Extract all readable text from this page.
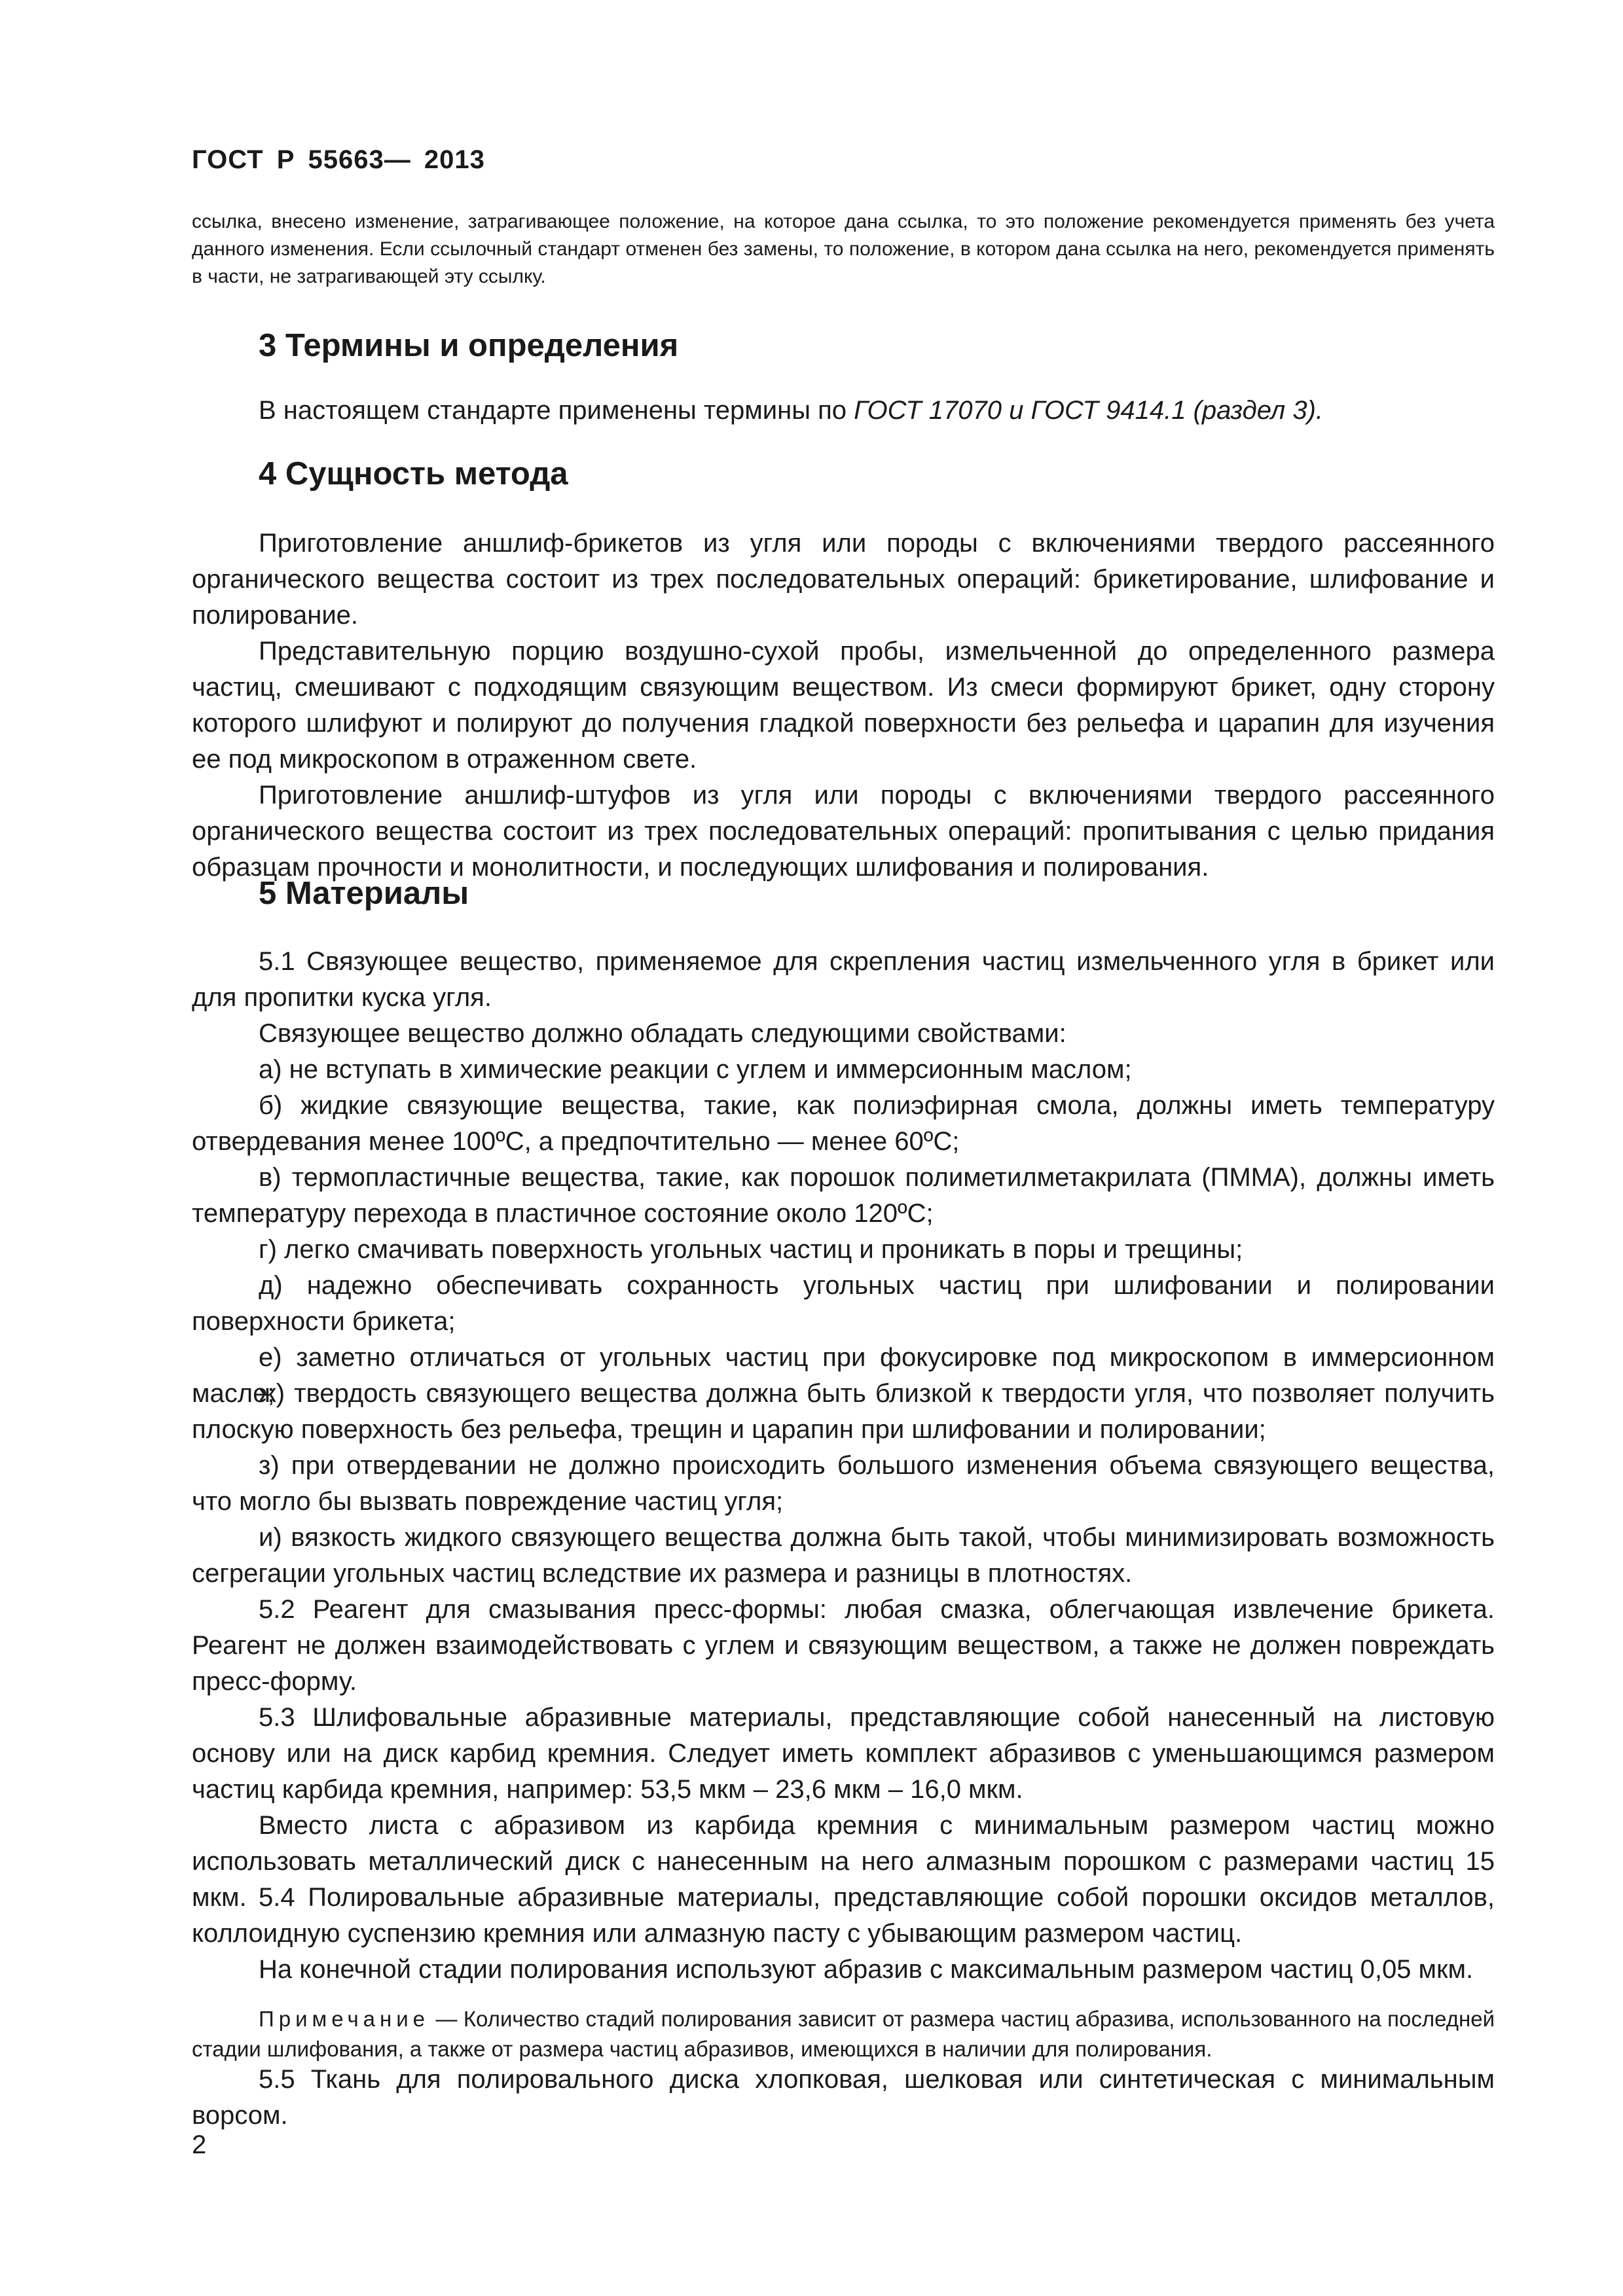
ГОСТ Р 55663— 2013
ссылка, внесено изменение, затрагивающее положение, на которое дана ссылка, то это положение рекомендуется применять без учета данного изменения. Если ссылочный стандарт отменен без замены, то положение, в котором дана ссылка на него, рекомендуется применять в части, не затрагивающей эту ссылку.
3 Термины и определения
В настоящем стандарте применены термины по ГОСТ 17070 и ГОСТ 9414.1 (раздел 3).
4 Сущность метода
Приготовление аншлиф-брикетов из угля или породы с включениями твердого рассеянного органического вещества состоит из трех последовательных операций: брикетирование, шлифование и полирование.
Представительную порцию воздушно-сухой пробы, измельченной до определенного размера частиц, смешивают с подходящим связующим веществом. Из смеси формируют брикет, одну сторону которого шлифуют и полируют до получения гладкой поверхности без рельефа и царапин для изучения ее под микроскопом в отраженном свете.
Приготовление аншлиф-штуфов из угля или породы с включениями твердого рассеянного органического вещества состоит из трех последовательных операций: пропитывания с целью придания образцам прочности и монолитности, и последующих шлифования и полирования.
5 Материалы
5.1 Связующее вещество, применяемое для скрепления частиц измельченного угля в брикет или для пропитки куска угля.
Связующее вещество должно обладать следующими свойствами:
а) не вступать в химические реакции с углем и иммерсионным маслом;
б) жидкие связующие вещества, такие, как полиэфирная смола, должны иметь температуру отвердевания менее 100ºС, а предпочтительно — менее 60ºС;
в) термопластичные вещества, такие, как порошок полиметилметакрилата (ПММА), должны иметь температуру перехода в пластичное состояние около 120ºС;
г) легко смачивать поверхность угольных частиц и проникать в поры и трещины;
д) надежно обеспечивать сохранность угольных частиц при шлифовании и полировании поверхности брикета;
е) заметно отличаться от угольных частиц при фокусировке под микроскопом в иммерсионном масле;
ж) твердость связующего вещества должна быть близкой к твердости угля, что позволяет получить плоскую поверхность без рельефа, трещин и царапин при шлифовании и полировании;
з) при отвердевании не должно происходить большого изменения объема связующего вещества, что могло бы вызвать повреждение частиц угля;
и) вязкость жидкого связующего вещества должна быть такой, чтобы минимизировать возможность сегрегации угольных частиц вследствие их размера и разницы в плотностях.
5.2 Реагент для смазывания пресс-формы: любая смазка, облегчающая извлечение брикета. Реагент не должен взаимодействовать с углем и связующим веществом, а также не должен повреждать пресс-форму.
5.3 Шлифовальные абразивные материалы, представляющие собой нанесенный на листовую основу или на диск карбид кремния. Следует иметь комплект абразивов с уменьшающимся размером частиц карбида кремния, например: 53,5 мкм – 23,6 мкм – 16,0 мкм.
Вместо листа с абразивом из карбида кремния с минимальным размером частиц можно использовать металлический диск с нанесенным на него алмазным порошком с размерами частиц 15 мкм. 5.4 Полировальные абразивные материалы, представляющие собой порошки оксидов металлов, коллоидную суспензию кремния или алмазную пасту с убывающим размером частиц.
На конечной стадии полирования используют абразив с максимальным размером частиц 0,05 мкм.
Примечание — Количество стадий полирования зависит от размера частиц абразива, использованного на последней стадии шлифования, а также от размера частиц абразивов, имеющихся в наличии для полирования.
5.5 Ткань для полировального диска хлопковая, шелковая или синтетическая с минимальным ворсом.
2
